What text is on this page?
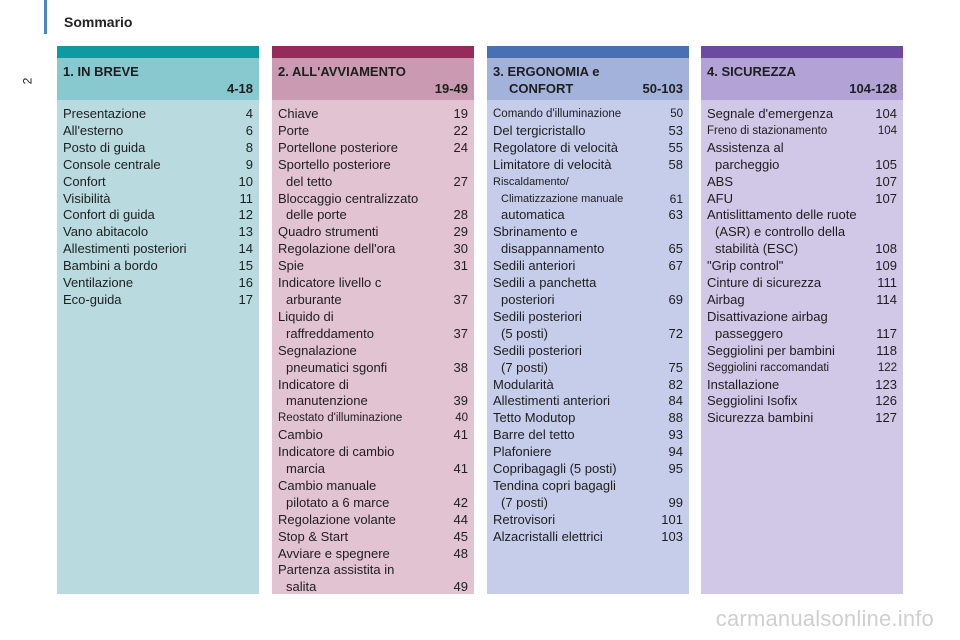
Sommario
2
1. IN BREVE
4-18
Presentazione	4
All'esterno	6
Posto di guida	8
Console centrale	9
Confort	10
Visibilità	11
Confort di guida	12
Vano abitacolo	13
Allestimenti posteriori	14
Bambini a bordo	15
Ventilazione	16
Eco-guida	17
2. ALL'AVVIAMENTO
19-49
Chiave	19
Porte	22
Portellone posteriore	24
Sportello posteriore
del tetto	27
Bloccaggio centralizzato
delle porte	28
Quadro strumenti	29
Regolazione dell'ora	30
Spie	31
Indicatore livello c
arburante	37
Liquido di
raffreddamento	37
Segnalazione
pneumatici sgonfi	38
Indicatore di
manutenzione	39
Reostato d'illuminazione	40
Cambio	41
Indicatore di cambio
marcia	41
Cambio manuale
pilotato a 6 marce	42
Regolazione volante	44
Stop & Start	45
Avviare e spegnere	48
Partenza assistita in
salita	49
3. ERGONOMIA e
CONFORT	50-103
Comando d'illuminazione	50
Del tergicristallo	53
Regolatore di velocità	55
Limitatore di velocità	58
Riscaldamento/
Climatizzazione manuale	61
automatica	63
Sbrinamento e
disappannamento	65
Sedili anteriori	67
Sedili a panchetta
posteriori	69
Sedili posteriori
(5 posti)	72
Sedili posteriori
(7 posti)	75
Modularità	82
Allestimenti anteriori	84
Tetto Modutop	88
Barre del tetto	93
Plafoniere	94
Copribagagli (5 posti)	95
Tendina copri bagagli
(7 posti)	99
Retrovisori	101
Alzacristalli elettrici	103
4. SICUREZZA
104-128
Segnale d'emergenza	104
Freno di stazionamento	104
Assistenza al
parcheggio	105
ABS	107
AFU	107
Antislittamento delle ruote
(ASR) e controllo della
stabilità (ESC)	108
"Grip control"	109
Cinture di sicurezza	111
Airbag	114
Disattivazione airbag
passeggero	117
Seggiolini per bambini	118
Seggiolini raccomandati	122
Installazione	123
Seggiolini Isofix	126
Sicurezza bambini	127
carmanualsonline.info
